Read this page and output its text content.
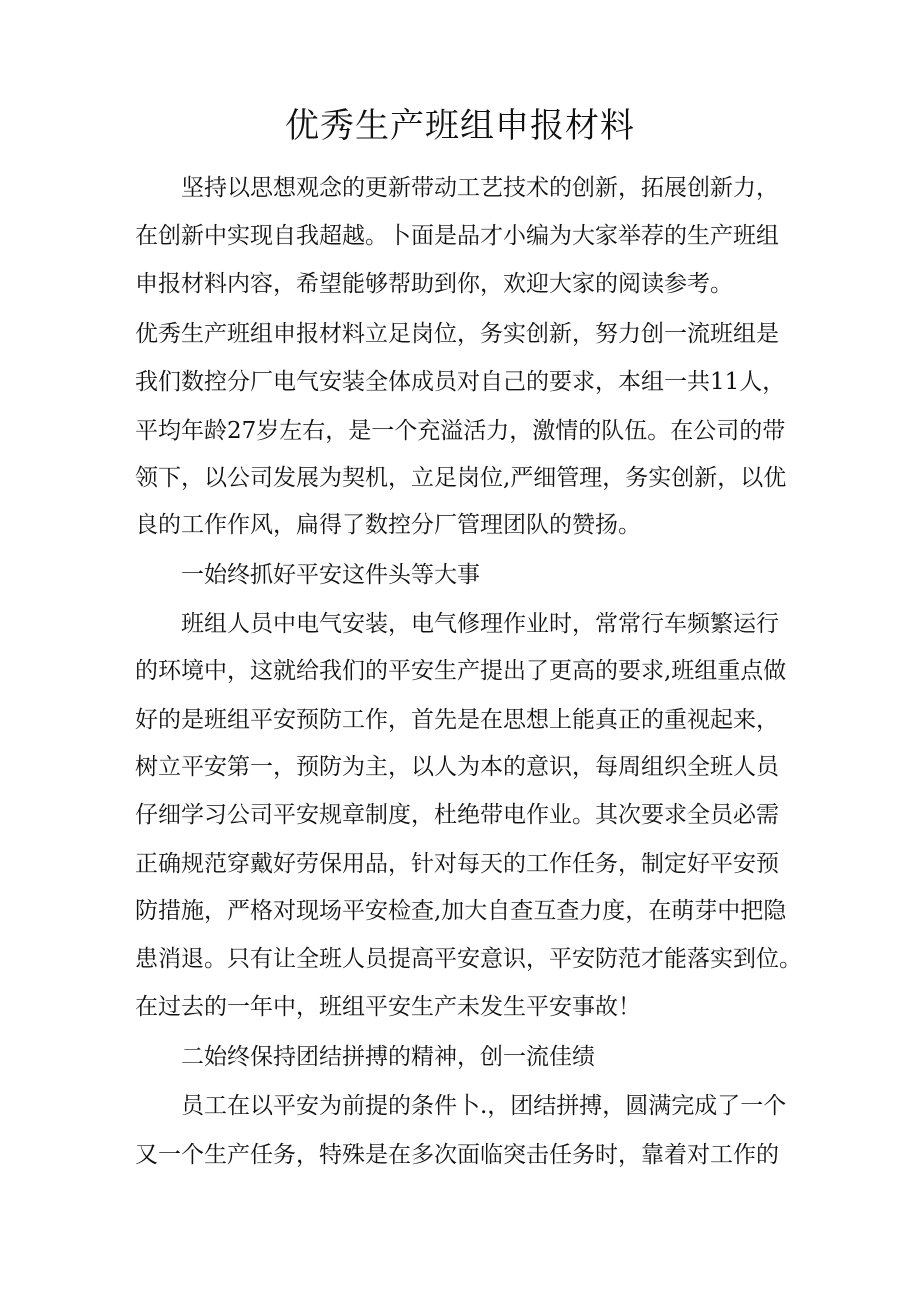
优秀生产班组申报材料
坚持以思想观念的更新带动工艺技术的创新，拓展创新力，
在创新中实现自我超越。卜面是品才小编为大家举荐的生产班组
申报材料内容，希望能够帮助到你，欢迎大家的阅读参考。
优秀生产班组申报材料立足岗位，务实创新，努力创一流班组是
我们数控分厂电气安装全体成员对自己的要求，本组一共11人，
平均年龄27岁左右，是一个充溢活力，激情的队伍。在公司的带
领下，以公司发展为契机，立足岗位,严细管理，务实创新，以优
良的工作作风，扁得了数控分厂管理团队的赞扬。
一始终抓好平安这件头等大事
班组人员中电气安装，电气修理作业时，常常行车频繁运行
的环境中，这就给我们的平安生产提出了更高的要求,班组重点做
好的是班组平安预防工作，首先是在思想上能真正的重视起来，
树立平安第一，预防为主，以人为本的意识，每周组织全班人员
仔细学习公司平安规章制度，杜绝带电作业。其次要求全员必需
正确规范穿戴好劳保用品，针对每天的工作任务，制定好平安预
防措施，严格对现场平安检查,加大自查互查力度，在萌芽中把隐
患消退。只有让全班人员提高平安意识，平安防范才能落实到位。
在过去的一年中，班组平安生产未发生平安事故！
二始终保持团结拼搏的精神，创一流佳绩
员工在以平安为前提的条件卜.，团结拼搏，圆满完成了一个
又一个生产任务，特殊是在多次面临突击任务时，靠着对工作的
